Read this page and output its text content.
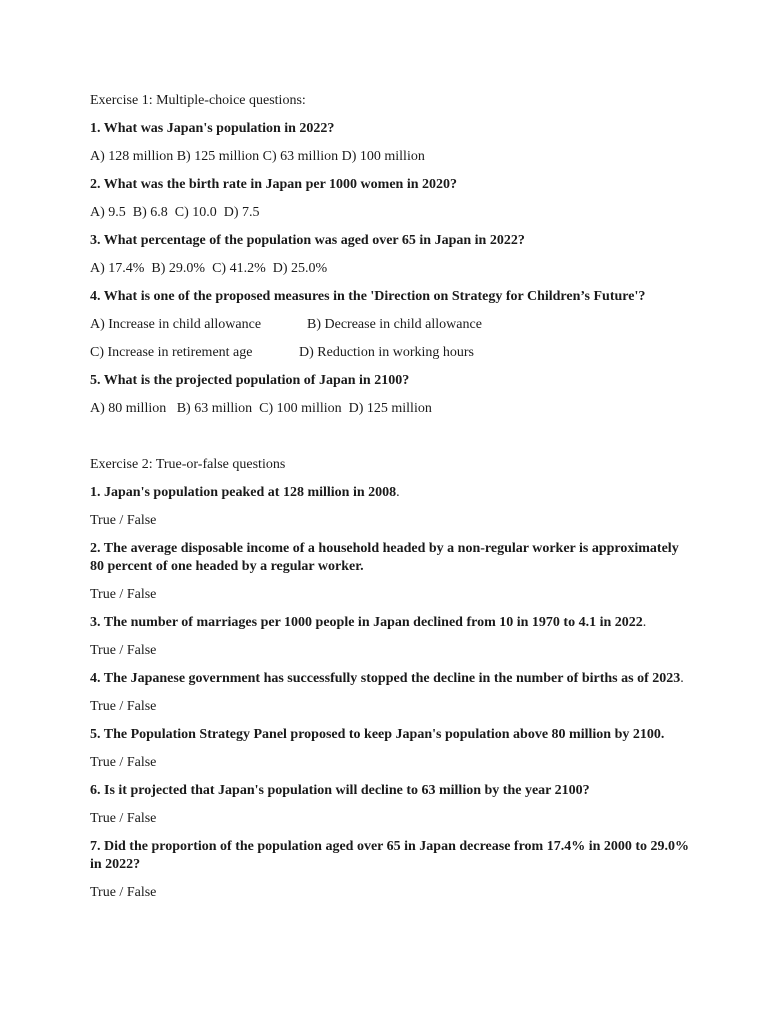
Exercise 1: Multiple-choice questions:

1. What was Japan's population in 2022?

A) 128 million B) 125 million C) 63 million D) 100 million

2. What was the birth rate in Japan per 1000 women in 2020?

A) 9.5  B) 6.8  C) 10.0  D) 7.5

3. What percentage of the population was aged over 65 in Japan in 2022?

A) 17.4%  B) 29.0%  C) 41.2%  D) 25.0%

4. What is one of the proposed measures in the 'Direction on Strategy for Children’s Future'?

A) Increase in child allowance	B) Decrease in child allowance
C) Increase in retirement age	D) Reduction in working hours

5. What is the projected population of Japan in 2100?

A) 80 million   B) 63 million  C) 100 million  D) 125 million

Exercise 2: True-or-false questions

1. Japan's population peaked at 128 million in 2008.

True / False

2. The average disposable income of a household headed by a non-regular worker is approximately 80 percent of one headed by a regular worker.

True / False

3. The number of marriages per 1000 people in Japan declined from 10 in 1970 to 4.1 in 2022.

True / False

4. The Japanese government has successfully stopped the decline in the number of births as of 2023.

True / False

5. The Population Strategy Panel proposed to keep Japan's population above 80 million by 2100.

True / False

6. Is it projected that Japan's population will decline to 63 million by the year 2100?

True / False

7. Did the proportion of the population aged over 65 in Japan decrease from 17.4% in 2000 to 29.0% in 2022?

True / False
